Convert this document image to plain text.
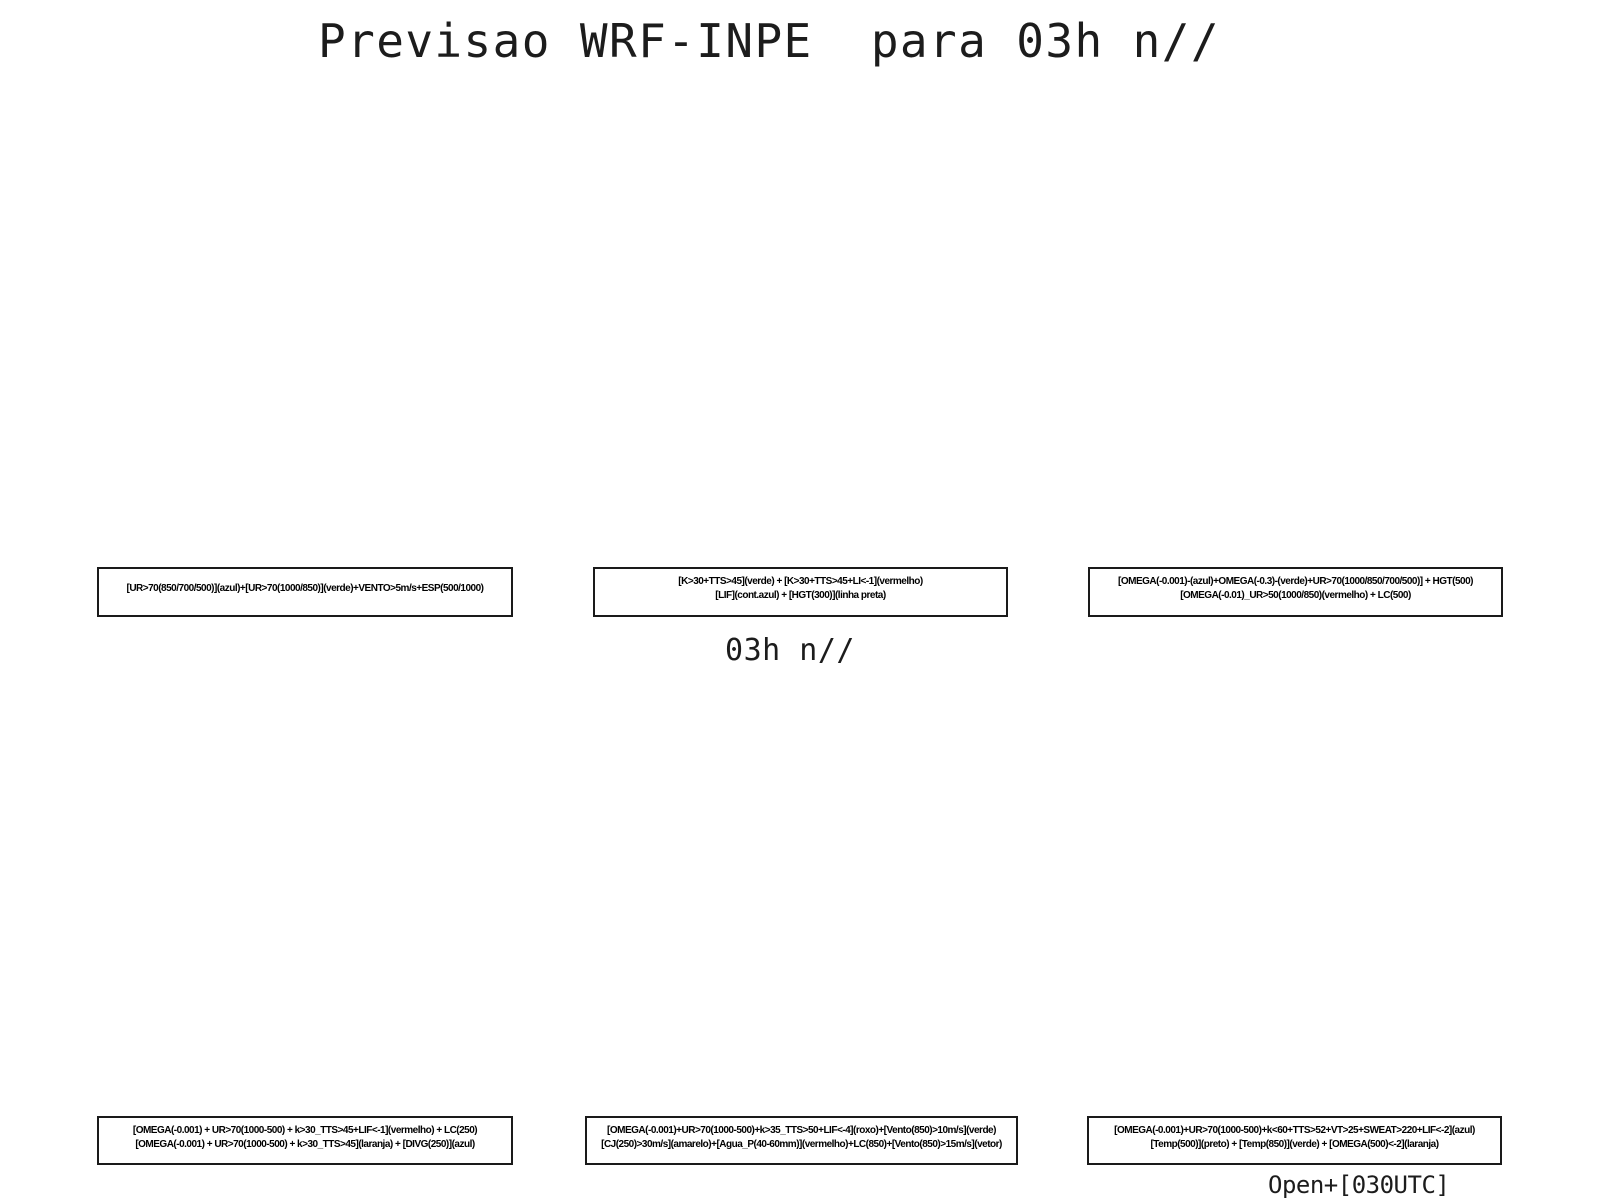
Previsao WRF-INPE  para 03h n//
[UR>70(850/700/500)](azul)+[UR>70(1000/850)](verde)+VENTO>5m/s+ESP(500/1000)
[K>30+TTS>45](verde) + [K>30+TTS>45+LI<-1](vermelho)
[LIF](cont.azul) + [HGT(300)](linha preta)
[OMEGA(-0.001)-(azul)+OMEGA(-0.3)-(verde)+UR>70(1000/850/700/500)] + HGT(500)
[OMEGA(-0.01)_UR>50(1000/850)(vermelho) + LC(500)
03h n//
[OMEGA(-0.001) + UR>70(1000-500) + k>30_TTS>45+LIF<-1](vermelho) + LC(250)
[OMEGA(-0.001) + UR>70(1000-500) + k>30_TTS>45](laranja) + [DIVG(250)](azul)
[OMEGA(-0.001)+UR>70(1000-500)+k>35_TTS>50+LIF<-4](roxo)+[Vento(850)>10m/s](verde)
[CJ(250)>30m/s](amarelo)+[Agua_P(40-60mm)](vermelho)+LC(850)+[Vento(850)>15m/s](vetor)
[OMEGA(-0.001)+UR>70(1000-500)+k<60+TTS>52+VT>25+SWEAT>220+LIF<-2](azul)
[Temp(500)](preto) + [Temp(850)](verde) + [OMEGA(500)<-2](laranja)
Open+[030UTC]
